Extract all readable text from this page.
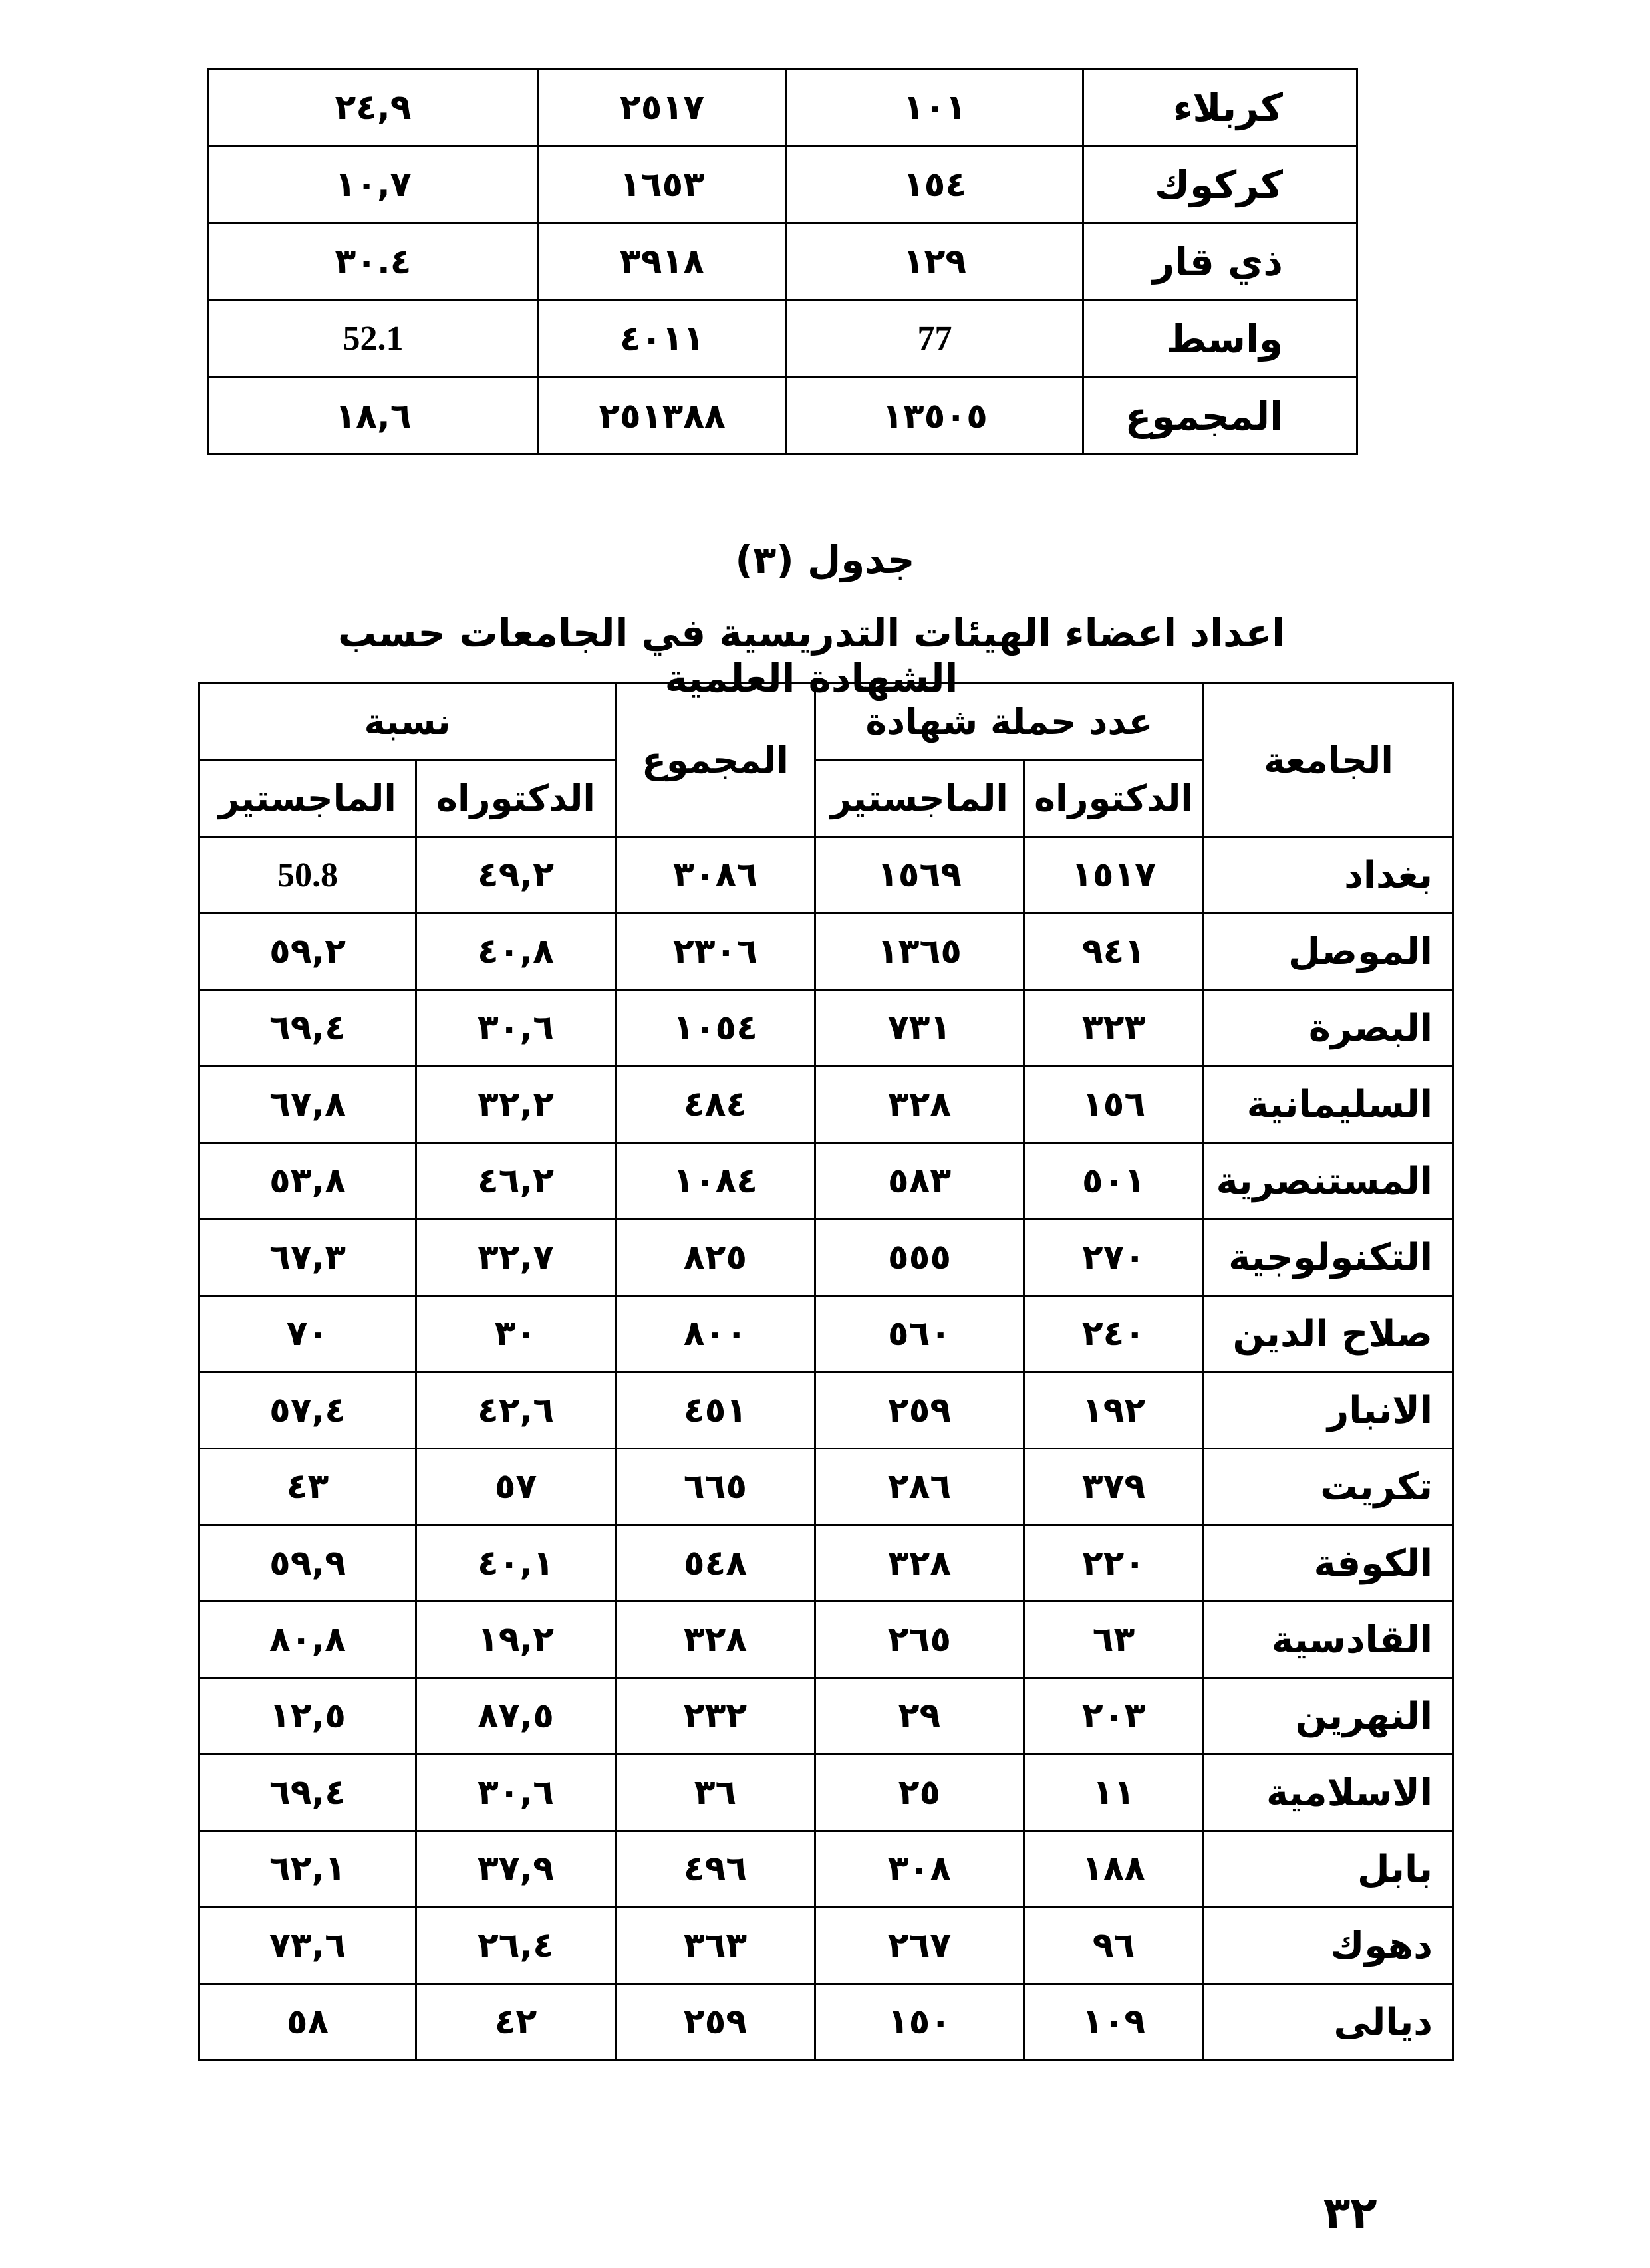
كربلاء	١٠١	٢٥١٧	٢٤,٩
كركوك	١٥٤	١٦٥٣	١٠,٧
ذي قار	١٢٩	٣٩١٨	٣٠.٤
واسط	77	٤٠١١	52.1
المجموع	١٣٥٠٥	٢٥١٣٨٨	١٨,٦
جدول (٣)
اعداد اعضاء الهيئات التدريسية في الجامعات حسب الشهادة العلمية
الجامعة	عدد حملة شهادة		المجموع	نسبة	
	الدكتوراه	الماجستير		الدكتوراه	الماجستير
بغداد	١٥١٧	١٥٦٩	٣٠٨٦	٤٩,٢	50.8
الموصل	٩٤١	١٣٦٥	٢٣٠٦	٤٠,٨	٥٩,٢
البصرة	٣٢٣	٧٣١	١٠٥٤	٣٠,٦	٦٩,٤
السليمانية	١٥٦	٣٢٨	٤٨٤	٣٢,٢	٦٧,٨
المستنصرية	٥٠١	٥٨٣	١٠٨٤	٤٦,٢	٥٣,٨
التكنولوجية	٢٧٠	٥٥٥	٨٢٥	٣٢,٧	٦٧,٣
صلاح الدين	٢٤٠	٥٦٠	٨٠٠	٣٠	٧٠
الانبار	١٩٢	٢٥٩	٤٥١	٤٢,٦	٥٧,٤
تكريت	٣٧٩	٢٨٦	٦٦٥	٥٧	٤٣
الكوفة	٢٢٠	٣٢٨	٥٤٨	٤٠,١	٥٩,٩
القادسية	٦٣	٢٦٥	٣٢٨	١٩,٢	٨٠,٨
النهرين	٢٠٣	٢٩	٢٣٢	٨٧,٥	١٢,٥
الاسلامية	١١	٢٥	٣٦	٣٠,٦	٦٩,٤
بابل	١٨٨	٣٠٨	٤٩٦	٣٧,٩	٦٢,١
دهوك	٩٦	٢٦٧	٣٦٣	٢٦,٤	٧٣,٦
ديالى	١٠٩	١٥٠	٢٥٩	٤٢	٥٨
٣٢
